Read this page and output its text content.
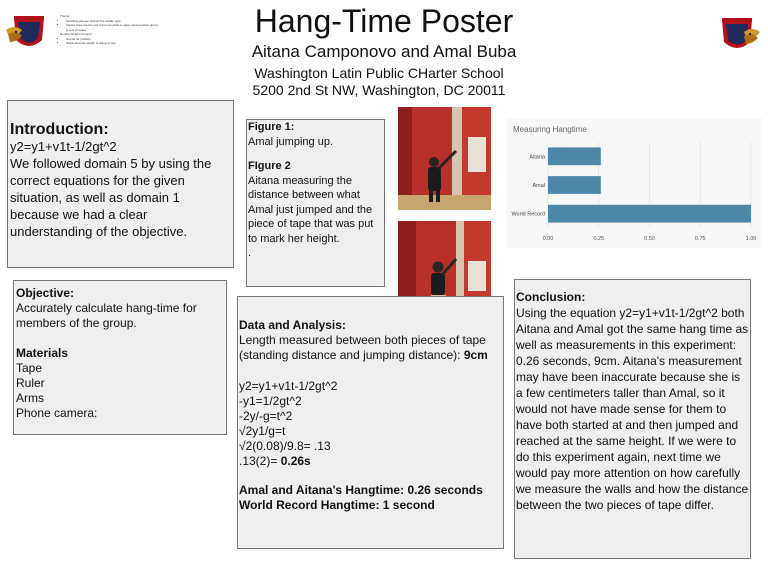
Theme:
• Scrolling sheeper around the scatter type
• Interior area used to pull it from an artist to apply acute tension group in rest of space
Double Weight Conquer
• Nozzle for position
• Stack ascends weight is swing of one
Hang-Time Poster
Aitana Camponovo and Amal Buba
Washington Latin Public CHarter School
5200 2nd St NW, Washington, DC 20011
Introduction:
y2=y1+v1t-1/2gt^2
We followed domain 5 by using the correct equations for the given situation, as well as domain 1 because we had a clear understanding of the objective.
Objective:
Accurately calculate hang-time for members of the group.
Materials
Tape
Ruler
Arms
Phone camera:
Figure 1:
Amal jumping up.
FIgure 2
Aitana measuring the distance between what Amal just jumped and the piece of tape that was put to mark her height.
.
Measuring Hangtime
Aitana
Amal
World Record
0.00	0.25	0.50	0.75	1.00
Data and Analysis:
Length measured between both pieces of tape (standing distance and jumping distance): 9cm
y2=y1+v1t-1/2gt^2
-y1=1/2gt^2
-2y/-g=t^2
√2y1/g=t
√2(0.08)/9.8= .13
.13(2)= 0.26s
Amal and Aitana's Hangtime: 0.26 seconds
World Record Hangtime: 1 second
Conclusion:
Using the equation y2=y1+v1t-1/2gt^2 both Aitana and Amal got the same hang time as well as measurements in this experiment: 0.26 seconds, 9cm. Aitana's measurement may have been inaccurate because she is a few centimeters taller than Amal, so it would not have made sense for them to have both started at and then jumped and reached at the same height. If we were to do this experiment again, next time we would pay more attention on how carefully we measure the walls and how the distance between the two pieces of tape differ.
